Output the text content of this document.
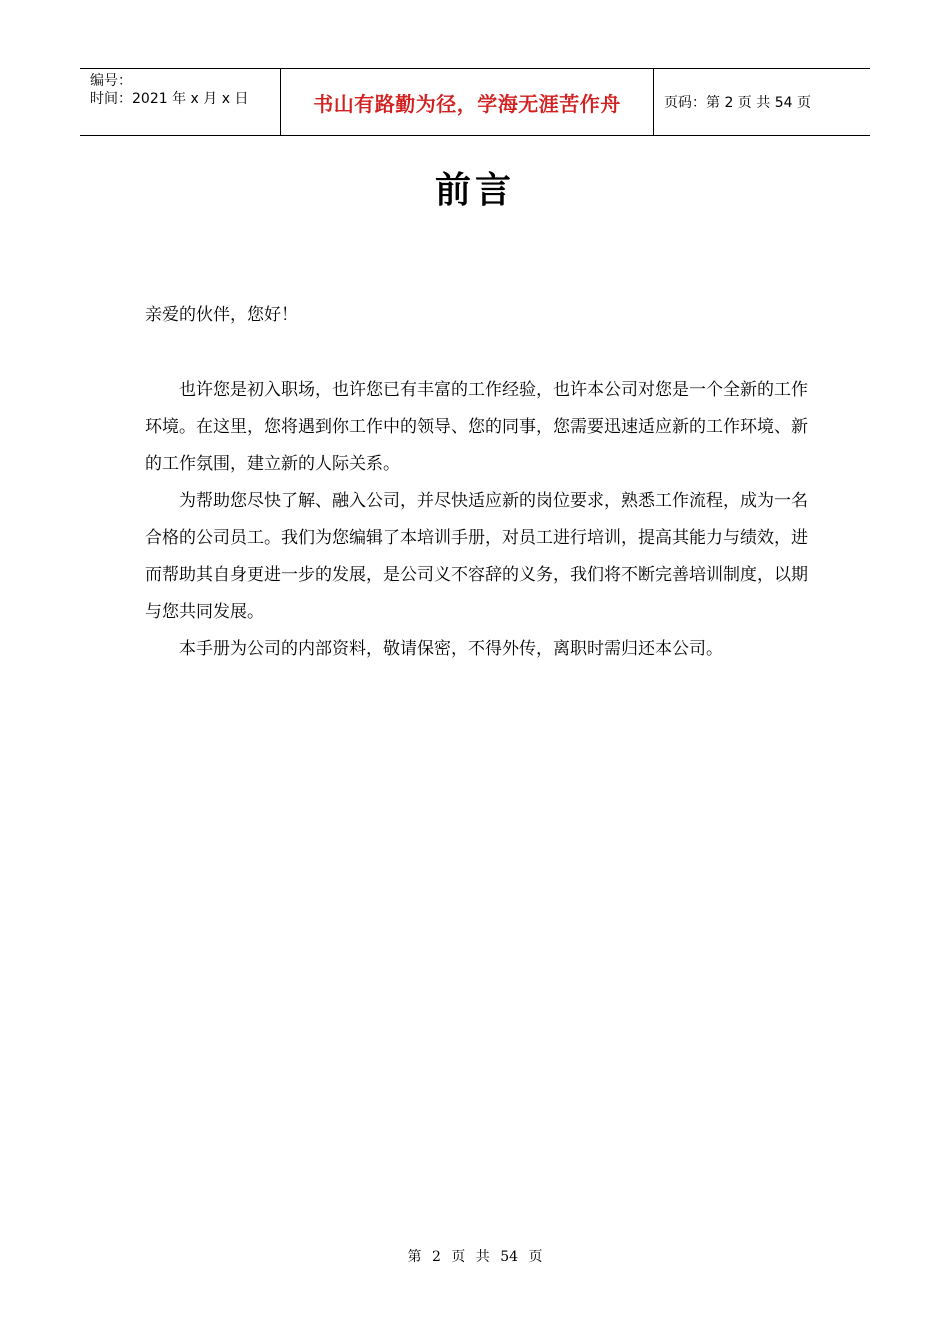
编号：
时间：2021 年 x 月 x 日	书山有路勤为径，学海无涯苦作舟	页码：第 2 页 共 54 页
前言

亲爱的伙伴，您好！

也许您是初入职场，也许您已有丰富的工作经验，也许本公司对您是一个全新的工作环境。在这里，您将遇到你工作中的领导、您的同事，您需要迅速适应新的工作环境、新的工作氛围，建立新的人际关系。

为帮助您尽快了解、融入公司，并尽快适应新的岗位要求，熟悉工作流程，成为一名合格的公司员工。我们为您编辑了本培训手册，对员工进行培训，提高其能力与绩效，进而帮助其自身更进一步的发展，是公司义不容辞的义务，我们将不断完善培训制度，以期与您共同发展。

本手册为公司的内部资料，敬请保密，不得外传，离职时需归还本公司。

第 2 页 共 54 页
